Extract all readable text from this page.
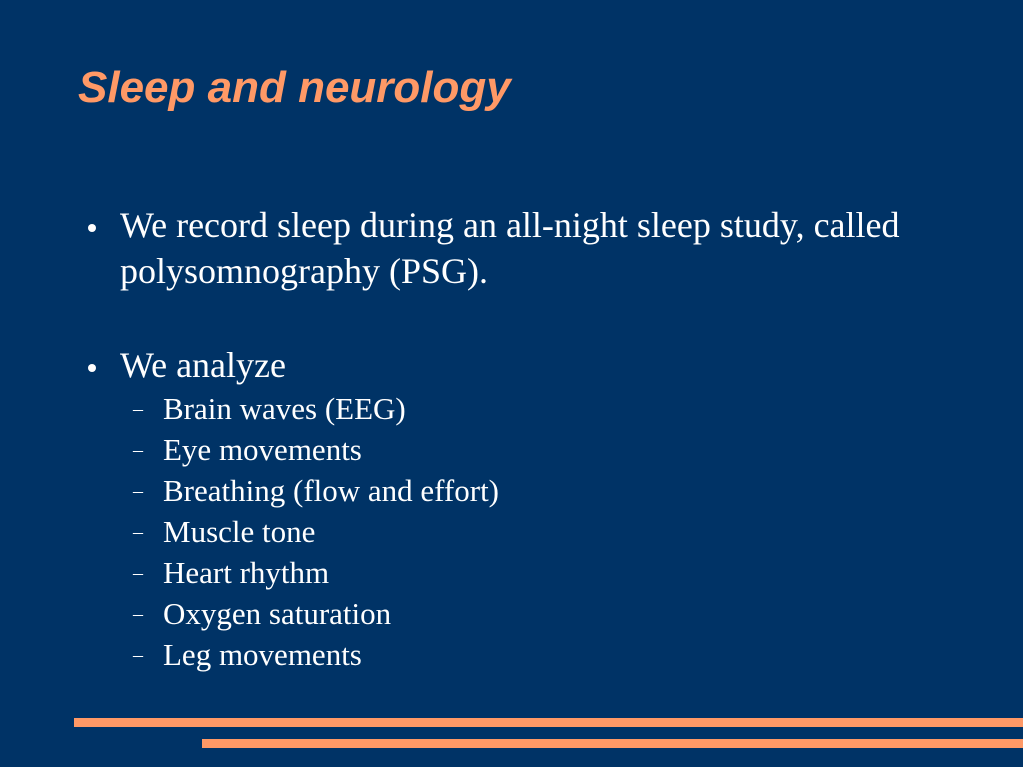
Sleep and neurology
We record sleep during an all-night sleep study, called polysomnography (PSG).
We analyze
– Brain waves (EEG)
– Eye movements
– Breathing (flow and effort)
– Muscle tone
– Heart rhythm
– Oxygen saturation
– Leg movements
